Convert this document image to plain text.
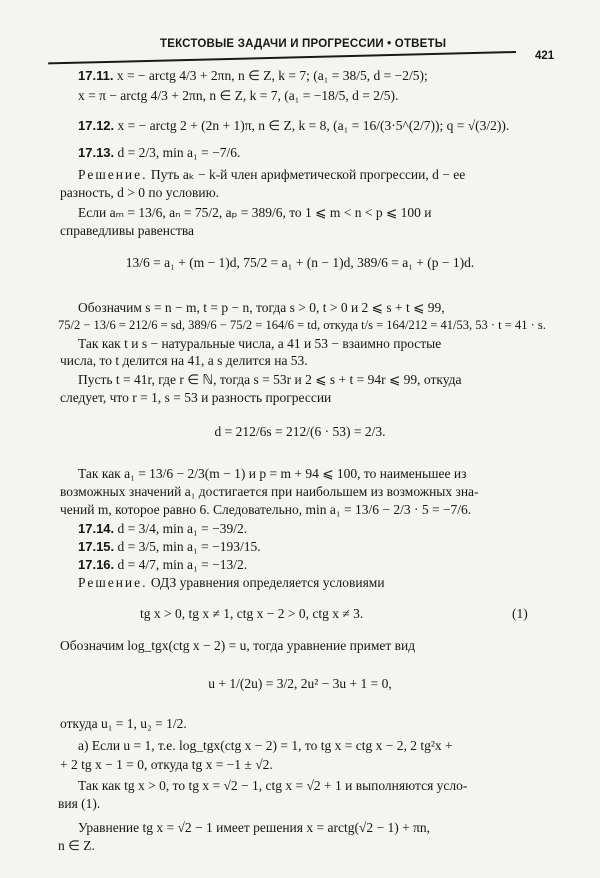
ТЕКСТОВЫЕ ЗАДАЧИ И ПРОГРЕССИИ • ОТВЕТЫ
421
17.11. x = − arctg 4/3 + 2πn, n ∈ Z, k = 7; (a₁ = 38/5, d = −2/5);
x = π − arctg 4/3 + 2πn, n ∈ Z, k = 7, (a₁ = −18/5, d = 2/5).
17.12. x = − arctg 2 + (2n + 1)π, n ∈ Z, k = 8, (a₁ = 16/(3·5^(2/7)); q = √(3/2)).
17.13. d = 2/3, min a₁ = −7/6.
Решение. Путь aₖ − k-й член арифметической прогрессии, d − ее
разность, d > 0 по условию.
Если aₘ = 13/6, aₙ = 75/2, aₚ = 389/6, то 1 ⩽ m < n < p ⩽ 100 и
справедливы равенства
13/6 = a₁ + (m − 1)d, 75/2 = a₁ + (n − 1)d, 389/6 = a₁ + (p − 1)d.
Обозначим s = n − m, t = p − n, тогда s > 0, t > 0 и 2 ⩽ s + t ⩽ 99,
75/2 − 13/6 = 212/6 = sd, 389/6 − 75/2 = 164/6 = td, откуда t/s = 164/212 = 41/53, 53 · t = 41 · s.
Так как t и s − натуральные числа, а 41 и 53 − взаимно простые
числа, то t делится на 41, а s делится на 53.
Пусть t = 41r, где r ∈ ℕ, тогда s = 53r и 2 ⩽ s + t = 94r ⩽ 99, откуда
следует, что r = 1, s = 53 и разность прогрессии
d = 212/6s = 212/(6 · 53) = 2/3.
Так как a₁ = 13/6 − 2/3(m − 1) и p = m + 94 ⩽ 100, то наименьшее из
возможных значений a₁ достигается при наибольшем из возможных зна-
чений m, которое равно 6. Следовательно, min a₁ = 13/6 − 2/3 · 5 = −7/6.
17.14. d = 3/4, min a₁ = −39/2.
17.15. d = 3/5, min a₁ = −193/15.
17.16. d = 4/7, min a₁ = −13/2.
Решение. ОДЗ уравнения определяется условиями
tg x > 0, tg x ≠ 1, ctg x − 2 > 0, ctg x ≠ 3.	(1)
Обозначим log_tgx(ctg x − 2) = u, тогда уравнение примет вид
u + 1/(2u) = 3/2, 2u² − 3u + 1 = 0,
откуда u₁ = 1, u₂ = 1/2.
а) Если u = 1, т.е. log_tgx(ctg x − 2) = 1, то tg x = ctg x − 2, 2 tg²x +
+ 2 tg x − 1 = 0, откуда tg x = −1 ± √2.
Так как tg x > 0, то tg x = √2 − 1, ctg x = √2 + 1 и выполняются усло-
вия (1).
Уравнение tg x = √2 − 1 имеет решения x = arctg(√2 − 1) + πn,
n ∈ Z.
